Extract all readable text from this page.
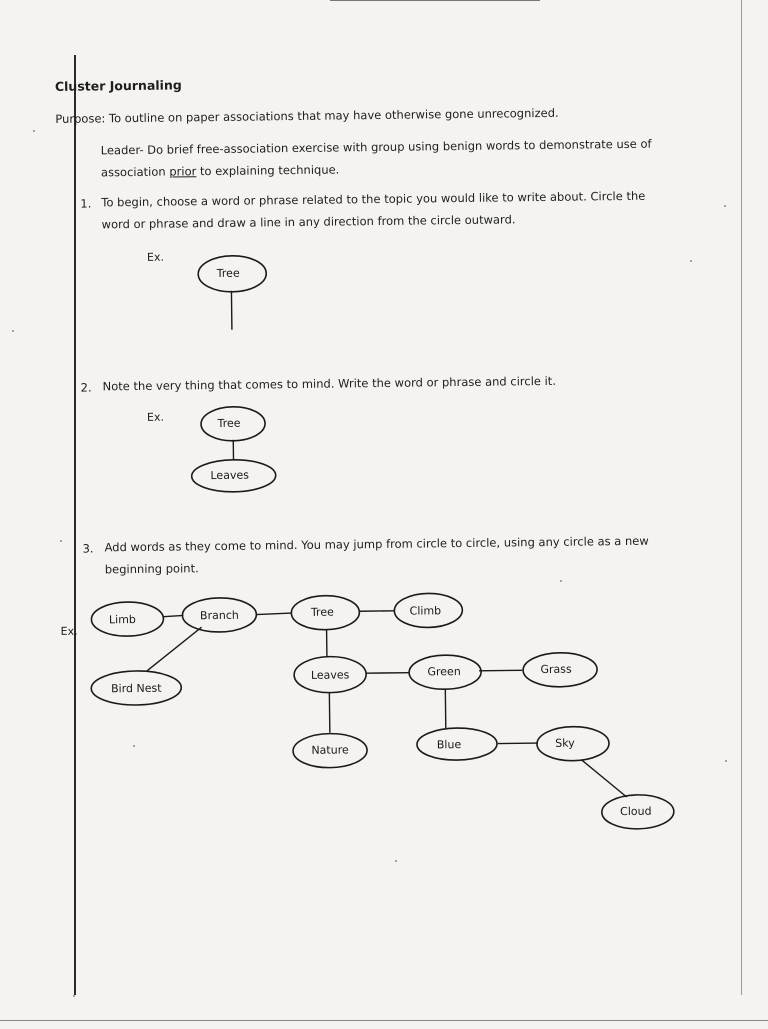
Cluster Journaling
Purpose: To outline on paper associations that may have otherwise gone unrecognized.
Leader- Do brief free-association exercise with group using benign words to demonstrate use of
association prior to explaining technique.
1. To begin, choose a word or phrase related to the topic you would like to write about. Circle the
word or phrase and draw a line in any direction from the circle outward.
Ex.
2. Note the very thing that comes to mind. Write the word or phrase and circle it.
Ex.
3. Add words as they come to mind. You may jump from circle to circle, using any circle as a new
beginning point.
Ex.
Tree
Tree
Leaves
Limb	Branch	Tree	Climb
Bird Nest
Leaves	Green	Grass
Nature	Blue	Sky
Cloud
